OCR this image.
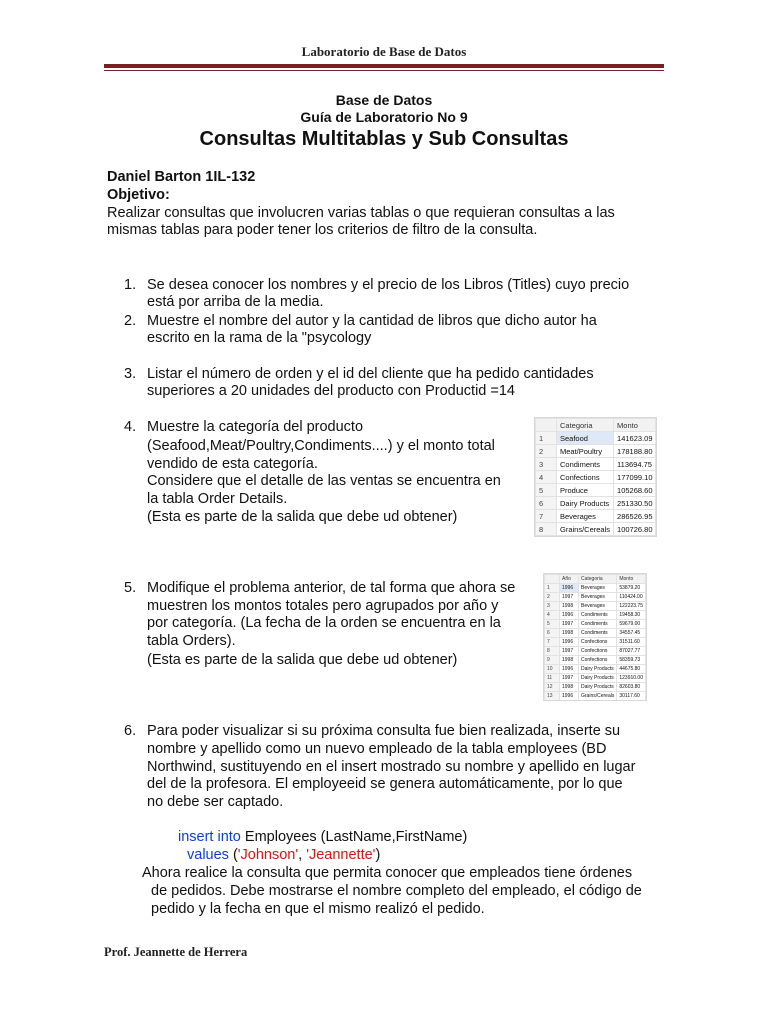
Laboratorio de Base de Datos
Base de Datos
Guía de Laboratorio No 9
Consultas Multitablas y Sub Consultas
Daniel Barton 1IL-132
Objetivo:
Realizar consultas que involucren varias tablas o que requieran consultas a las
mismas tablas para poder tener los criterios de filtro de la consulta.
1. Se desea conocer los nombres y el precio de los Libros (Titles) cuyo precio
está por arriba de la media.
2. Muestre el nombre del autor y la cantidad de libros que dicho autor ha
escrito en la rama de la "psycology
3. Listar el número de orden y el id del cliente que ha pedido cantidades
superiores a 20 unidades del producto con Productid =14
4. Muestre la categoría del producto
(Seafood,Meat/Poultry,Condiments....) y el monto total
vendido de esta categoría.
Considere que el detalle de las ventas se encuentra en
la tabla Order Details.
(Esta es parte de la salida que debe ud obtener)
	Categoria	Monto
1	Seafood	141623.09
2	Meat/Poultry	178188.80
3	Condiments	113694.75
4	Confections	177099.10
5	Produce	105268.60
6	Dairy Products	251330.50
7	Beverages	286526.95
8	Grains/Cereals	100726.80
5. Modifique el problema anterior, de tal forma que ahora se
muestren los montos totales pero agrupados por año y
por categoría. (La fecha de la orden se encuentra en la
tabla Orders).
(Esta es parte de la salida que debe ud obtener)
	Año	Categoria	Monto
1	1996	Beverages	53879.20
2	1997	Beverages	110424.00
3	1998	Beverages	122223.75
4	1996	Condiments	19458.30
5	1997	Condiments	59679.00
6	1998	Condiments	34557.45
7	1996	Confections	31511.60
8	1997	Confections	87027.77
9	1998	Confections	58359.73
10	1996	Dairy Products	44675.80
11	1997	Dairy Products	123910.00
12	1998	Dairy Products	82603.80
13	1996	Grains/Cereals	30117.60
6. Para poder visualizar si su próxima consulta fue bien realizada, inserte su
nombre y apellido como un nuevo empleado de la tabla employees (BD
Northwind, sustituyendo en el insert mostrado su nombre y apellido en lugar
del de la profesora. El employeeid se genera automáticamente, por lo que
no debe ser captado.
insert into Employees (LastName,FirstName)
values ('Johnson', 'Jeannette')
Ahora realice la consulta que permita conocer que empleados tiene órdenes
de pedidos. Debe mostrarse el nombre completo del empleado, el código de
pedido y la fecha en que el mismo realizó el pedido.
Prof. Jeannette de Herrera
